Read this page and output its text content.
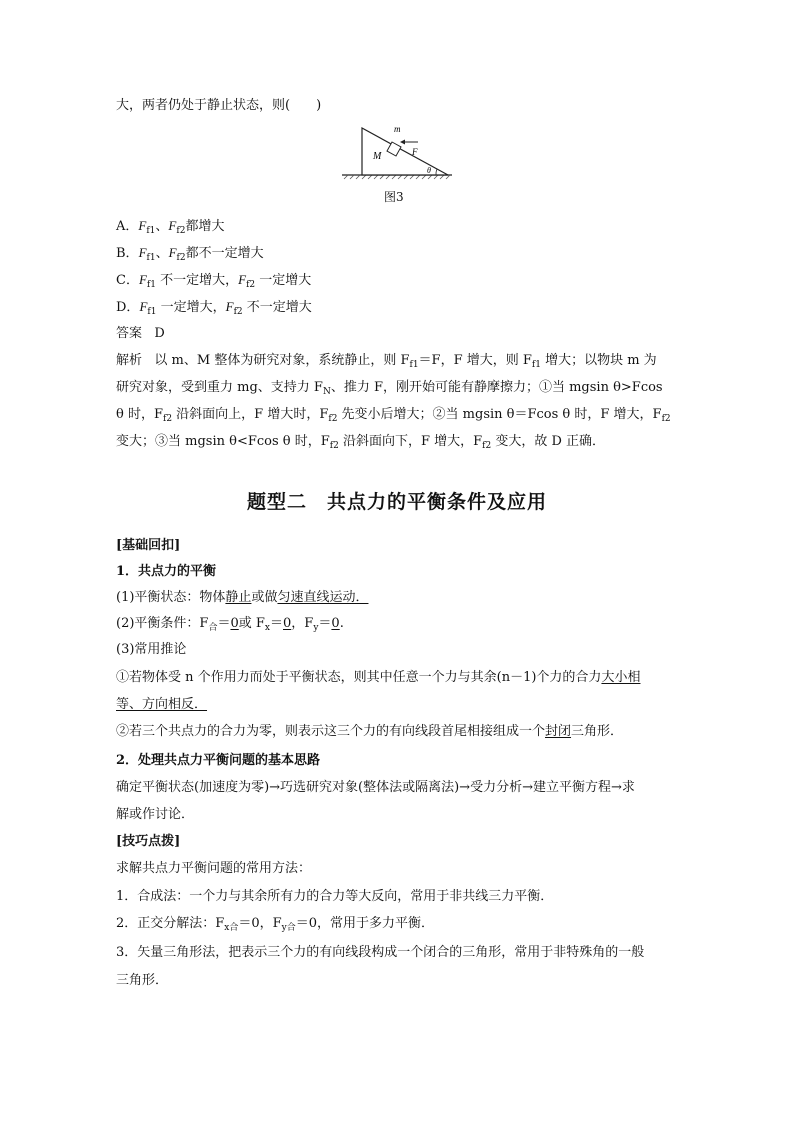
大，两者仍处于静止状态，则(　　)
m
F
M
θ
图3
A．$F_{f1}$、$F_{f2}$都增大
B．$F_{f1}$、$F_{f2}$都不一定增大
C．$F_{f1}$ 不一定增大，$F_{f2}$ 一定增大
D．$F_{f1}$ 一定增大，$F_{f2}$ 不一定增大
答案 D
解析 以 m、M 整体为研究对象，系统静止，则 $F_{f1}=F$，F 增大，则 $F_{f1}$ 增大；以物块 m 为
研究对象，受到重力 mg、支持力 $F_N$、推力 F，刚开始可能有静摩擦力；①当 mgsin θ>Fcos
θ 时，$F_{f2}$ 沿斜面向上，F 增大时，$F_{f2}$ 先变小后增大；②当 mgsin θ＝Fcos θ 时，F 增大，$F_{f2}$
变大；③当 mgsin θ<Fcos θ 时，$F_{f2}$ 沿斜面向下，F 增大，$F_{f2}$ 变大，故 D 正确．
题型二　共点力的平衡条件及应用
[基础回扣]
1．共点力的平衡
(1)平衡状态：物体静止或做匀速直线运动．
(2)平衡条件：$F_合=0$或 $F_x=0$，$F_y=0$.
(3)常用推论
①若物体受 n 个作用力而处于平衡状态，则其中任意一个力与其余(n－1)个力的合力大小相
等、方向相反．
②若三个共点力的合力为零，则表示这三个力的有向线段首尾相接组成一个封闭三角形．
2．处理共点力平衡问题的基本思路
确定平衡状态(加速度为零)→巧选研究对象(整体法或隔离法)→受力分析→建立平衡方程→求
解或作讨论．
[技巧点拨]
求解共点力平衡问题的常用方法：
1．合成法：一个力与其余所有力的合力等大反向，常用于非共线三力平衡．
2．正交分解法：$F_{x合}=0$，$F_{y合}=0$，常用于多力平衡．
3．矢量三角形法，把表示三个力的有向线段构成一个闭合的三角形，常用于非特殊角的一般
三角形．
